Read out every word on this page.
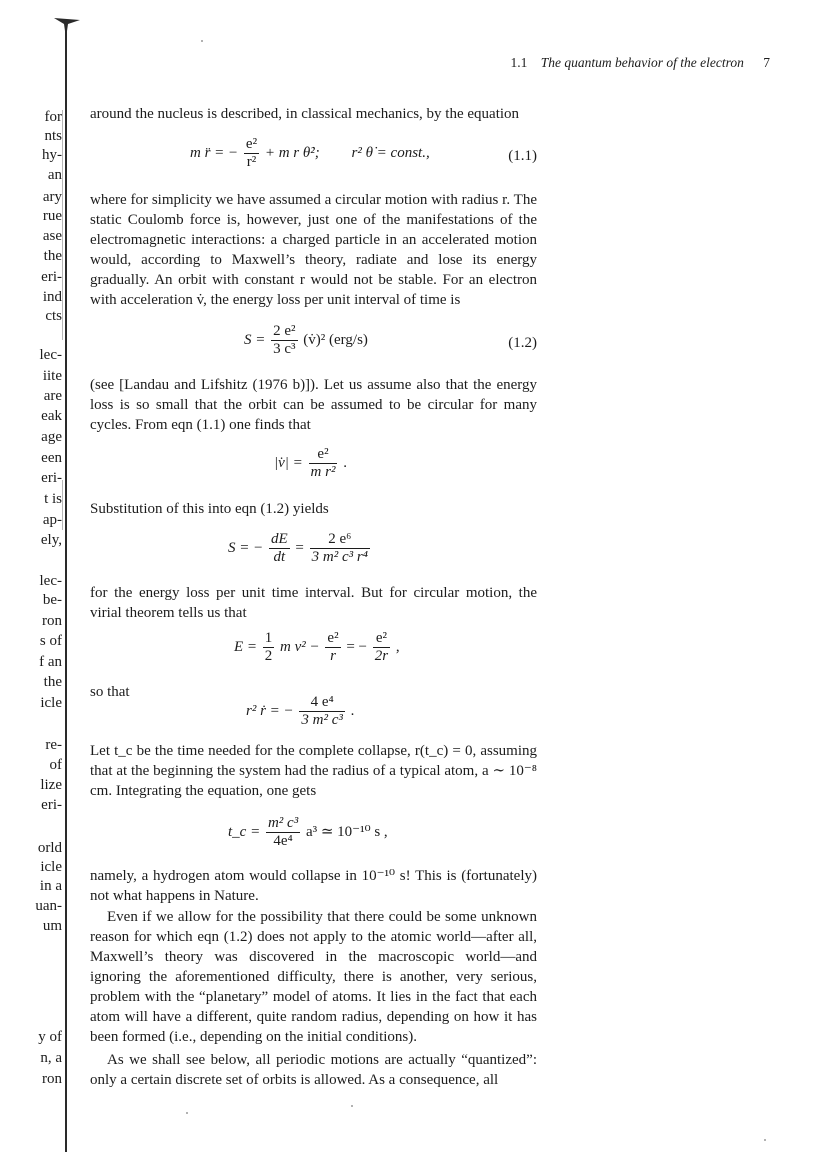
for
nts
hy-
an
ary
rue
ase
the
eri-
ind
cts
lec-
iite
are
eak
age
een
eri-
t is
ap-
ely,
lec-
be-
ron
s of
f an
the
icle
re-
of
lize
eri-
orld
icle
in a
uan-
um
y of
n, a
ron
1.1 The quantum behavior of the electron 7
around the nucleus is described, in classical mechanics, by the equation
m r̈ = − $\frac{\text{e²}}{\text{r²}} + m$ r θ̇²; r² θ̇ = const.,	(1.1)
where for simplicity we have assumed a circular motion with radius r. The static Coulomb force is, however, just one of the manifestations of the electromagnetic interactions: a charged particle in an accelerated motion would, according to Maxwell’s theory, radiate and lose its energy gradually. An orbit with constant r would not be stable. For an electron with acceleration v̇, the energy loss per unit interval of time is
$S = \frac{\text{2 e²}}{\text{3 c³}}$ (v̇)² (erg/s)	(1.2)
(see [Landau and Lifshitz (1976 b)]). Let us assume also that the energy loss is so small that the orbit can be assumed to be circular for many cycles. From eqn (1.1) one finds that
|v̇| = $\frac{\text{e²}}{\text{m r²}}$ .
Substitution of this into eqn (1.2) yields
S = − $\frac{dE}{dt} = \frac{\text{2 e⁶}}{\text{3 m² c³ r⁴}}$
for the energy loss per unit time interval. But for circular motion, the virial theorem tells us that
$E = \frac{1}{2}$ m $v^2 - \frac{\text{e²}}{r}$ = − $\frac{\text{e²}}{2r}$ ,
so that
r² ṙ = − $\frac{\text{4 e⁴}}{\text{3 m² c³}}$ .
Let t_c be the time needed for the complete collapse, r(t_c) = 0, assuming that at the beginning the system had the radius of a typical atom, a ∼ 10⁻⁸ cm. Integrating the equation, one gets
t_c = $\frac{\text{m² c³}}{\text{4e⁴}} a^3$ ≃ 10⁻¹⁰ s ,
namely, a hydrogen atom would collapse in 10⁻¹⁰ s! This is (fortunately) not what happens in Nature.
Even if we allow for the possibility that there could be some unknown reason for which eqn (1.2) does not apply to the atomic world—after all, Maxwell’s theory was discovered in the macroscopic world—and ignoring the aforementioned difficulty, there is another, very serious, problem with the “planetary” model of atoms. It lies in the fact that each atom will have a different, quite random radius, depending on how it has been formed (i.e., depending on the initial conditions).
As we shall see below, all periodic motions are actually “quantized”: only a certain discrete set of orbits is allowed. As a consequence, all
